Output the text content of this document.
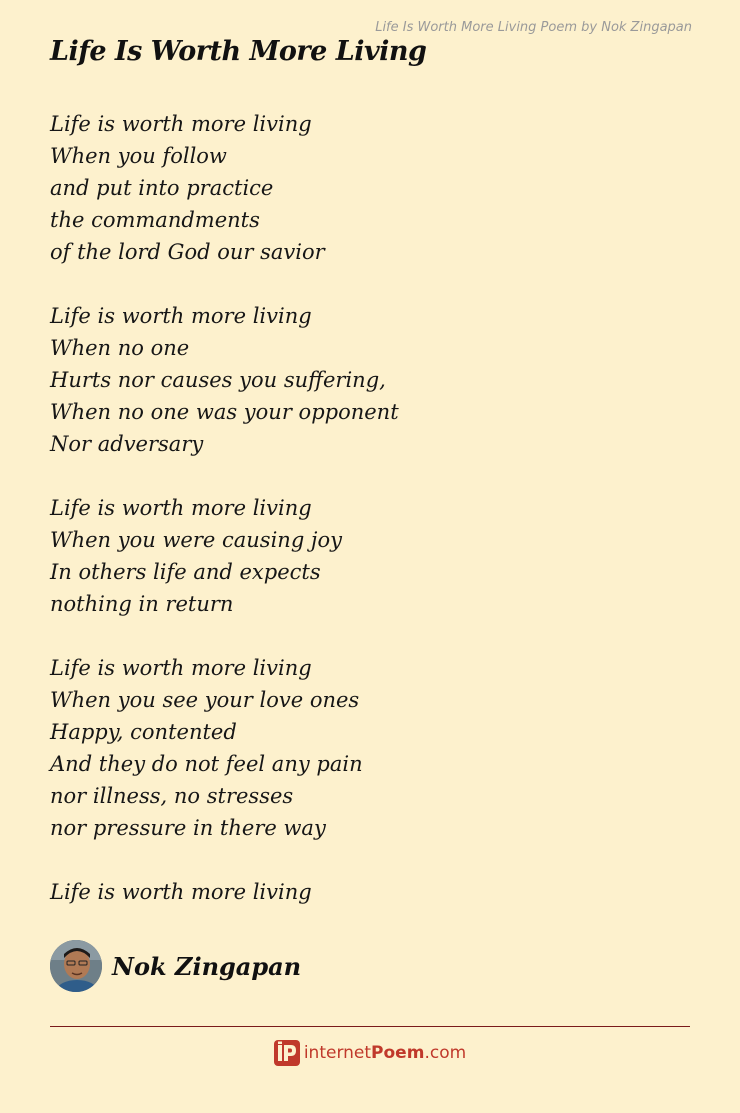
Life Is Worth More Living Poem by Nok Zingapan
Life Is Worth More Living
Life is worth more living
When you follow
and put into practice
the commandments
of the lord God our savior
Life is worth more living
When no one
Hurts nor causes you suffering,
When no one was your opponent
Nor adversary
Life is worth more living
When you were causing joy
In others life and expects
nothing in return
Life is worth more living
When you see your love ones
Happy, contented
And they do not feel any pain
nor illness, no stresses
nor pressure in there way
Life is worth more living
Nok Zingapan
internetPoem.com
